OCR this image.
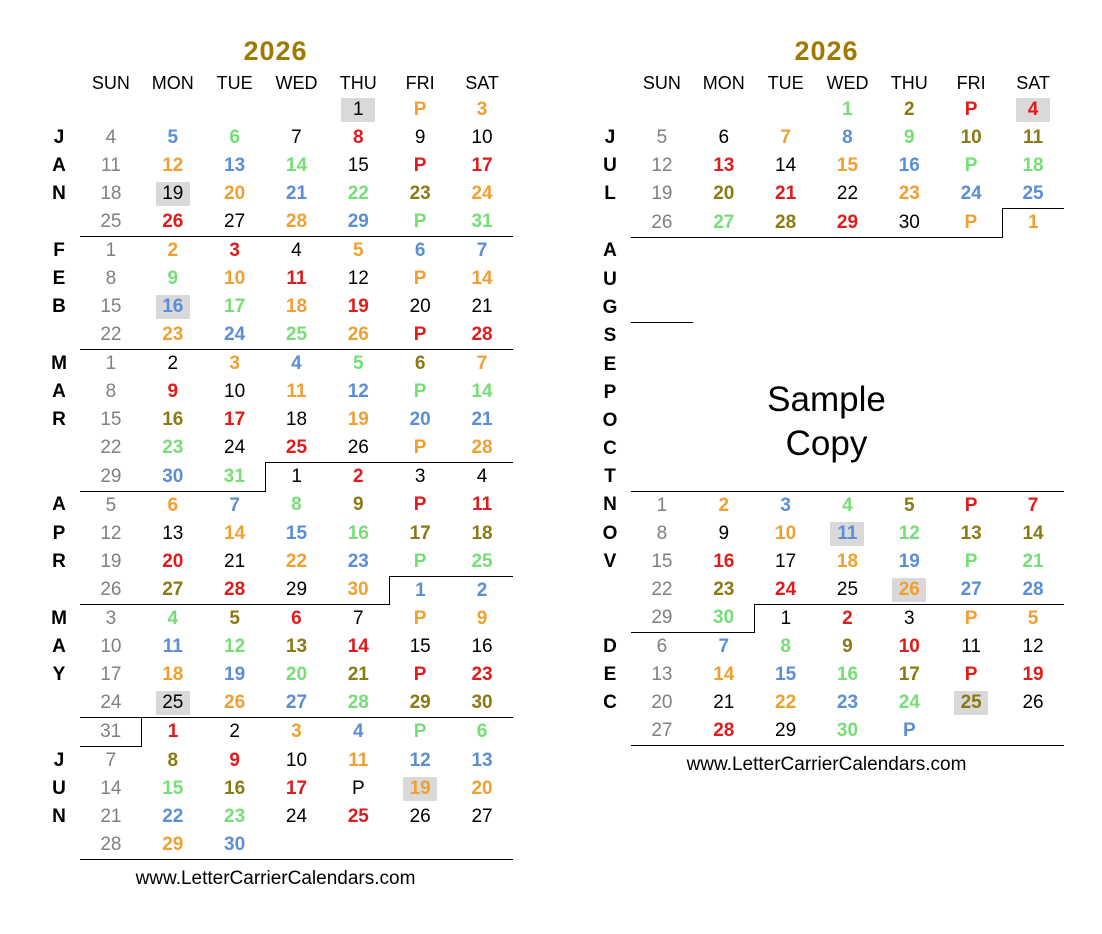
2026
	SUN	MON	TUE	WED	THU	FRI	SAT
					1	P	3
J	4	5	6	7	8	9	10
A	11	12	13	14	15	P	17
N	18	19	20	21	22	23	24
	25	26	27	28	29	P	31
F	1	2	3	4	5	6	7
E	8	9	10	11	12	P	14
B	15	16	17	18	19	20	21
	22	23	24	25	26	P	28
M	1	2	3	4	5	6	7
A	8	9	10	11	12	P	14
R	15	16	17	18	19	20	21
	22	23	24	25	26	P	28
	29	30	31	1	2	3	4
A	5	6	7	8	9	P	11
P	12	13	14	15	16	17	18
R	19	20	21	22	23	P	25
	26	27	28	29	30	1	2
M	3	4	5	6	7	P	9
A	10	11	12	13	14	15	16
Y	17	18	19	20	21	P	23
	24	25	26	27	28	29	30
	31	1	2	3	4	P	6
J	7	8	9	10	11	12	13
U	14	15	16	17	P	19	20
N	21	22	23	24	25	26	27
	28	29	30				
www.LetterCarrierCalendars.com
2026
	SUN	MON	TUE	WED	THU	FRI	SAT
				1	2	P	4
J	5	6	7	8	9	10	11
U	12	13	14	15	16	P	18
L	19	20	21	22	23	24	25
	26	27	28	29	30	P	1
A							
U							
G							
S							
E							
P							
O							
C							
T							
N	1	2	3	4	5	P	7
O	8	9	10	11	12	13	14
V	15	16	17	18	19	P	21
	22	23	24	25	26	27	28
	29	30	1	2	3	P	5
D	6	7	8	9	10	11	12
E	13	14	15	16	17	P	19
C	20	21	22	23	24	25	26
	27	28	29	30	P		
Sample
Copy
www.LetterCarrierCalendars.com
